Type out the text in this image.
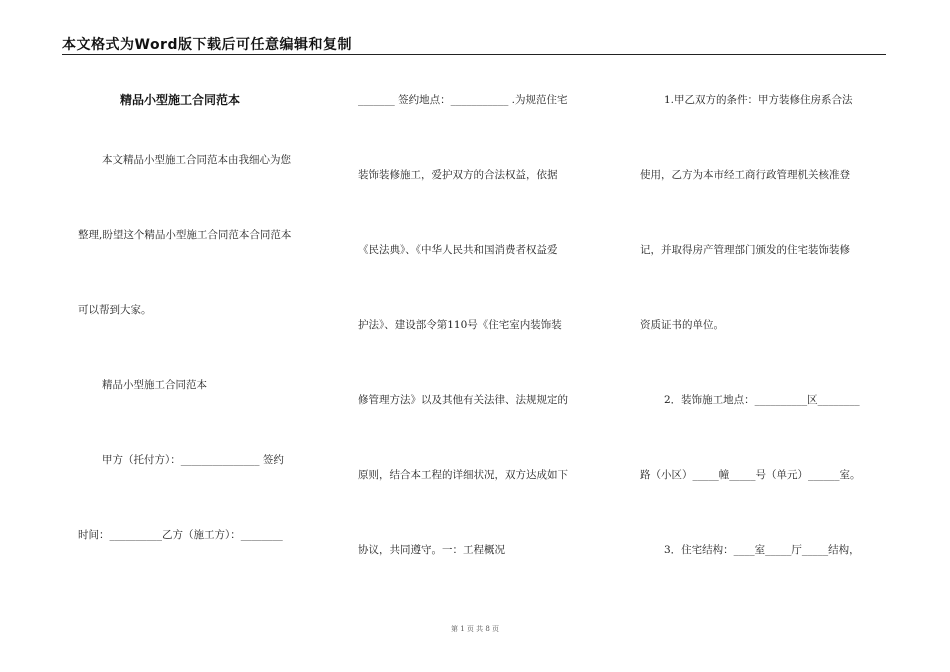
本文格式为Word版下载后可任意编辑和复制
精品小型施工合同范本
本文精品小型施工合同范本由我细心为您
整理,盼望这个精品小型施工合同范本合同范本
可以帮到大家。
精品小型施工合同范本
甲方（托付方）：_______________ 签约
时间：__________乙方（施工方）：________
_______ 签约地点：___________ .为规范住宅
装饰装修施工，爱护双方的合法权益，依据
《民法典》、《中华人民共和国消费者权益爱
护法》、建设部令第110号《住宅室内装饰装
修管理方法》以及其他有关法律、法规规定的
原则，结合本工程的详细状况，双方达成如下
协议，共同遵守。一：工程概况
1.甲乙双方的条件：甲方装修住房系合法
使用，乙方为本市经工商行政管理机关核准登
记，并取得房产管理部门颁发的住宅装饰装修
资质证书的单位。
2．装饰施工地点：__________区________
路（小区）_____幢_____号（单元）______室。
3．住宅结构：____室_____厅_____结构，
第 1 页 共 8 页
